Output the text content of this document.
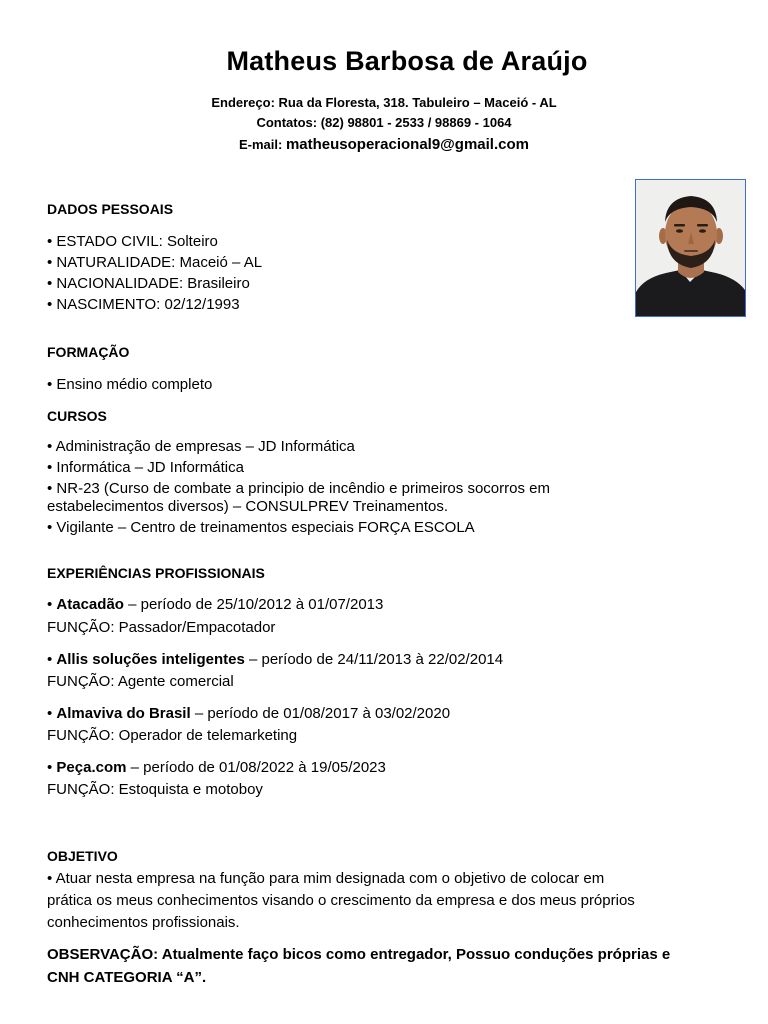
Matheus Barbosa de Araújo
Endereço: Rua da Floresta, 318. Tabuleiro – Maceió - AL
Contatos: (82) 98801 - 2533 / 98869 - 1064
E-mail: matheusoperacional9@gmail.com
DADOS PESSOAIS
• ESTADO CIVIL: Solteiro
• NATURALIDADE: Maceió – AL
• NACIONALIDADE: Brasileiro
• NASCIMENTO: 02/12/1993
FORMAÇÃO
• Ensino médio completo
CURSOS
• Administração de empresas – JD Informática
• Informática – JD Informática
• NR-23 (Curso de combate a principio de incêndio e primeiros socorros em
estabelecimentos diversos) – CONSULPREV Treinamentos.
• Vigilante – Centro de treinamentos especiais FORÇA ESCOLA
EXPERIÊNCIAS PROFISSIONAIS
• Atacadão – período de 25/10/2012 à 01/07/2013
FUNÇÃO: Passador/Empacotador
• Allis soluções inteligentes – período de 24/11/2013 à 22/02/2014
FUNÇÃO: Agente comercial
• Almaviva do Brasil – período de 01/08/2017 à 03/02/2020
FUNÇÃO: Operador de telemarketing
• Peça.com – período de 01/08/2022 à 19/05/2023
FUNÇÃO: Estoquista e motoboy
OBJETIVO
• Atuar nesta empresa na função para mim designada com o objetivo de colocar em
prática os meus conhecimentos visando o crescimento da empresa e dos meus próprios
conhecimentos profissionais.
OBSERVAÇÃO: Atualmente faço bicos como entregador, Possuo conduções próprias e
CNH CATEGORIA “A”.
